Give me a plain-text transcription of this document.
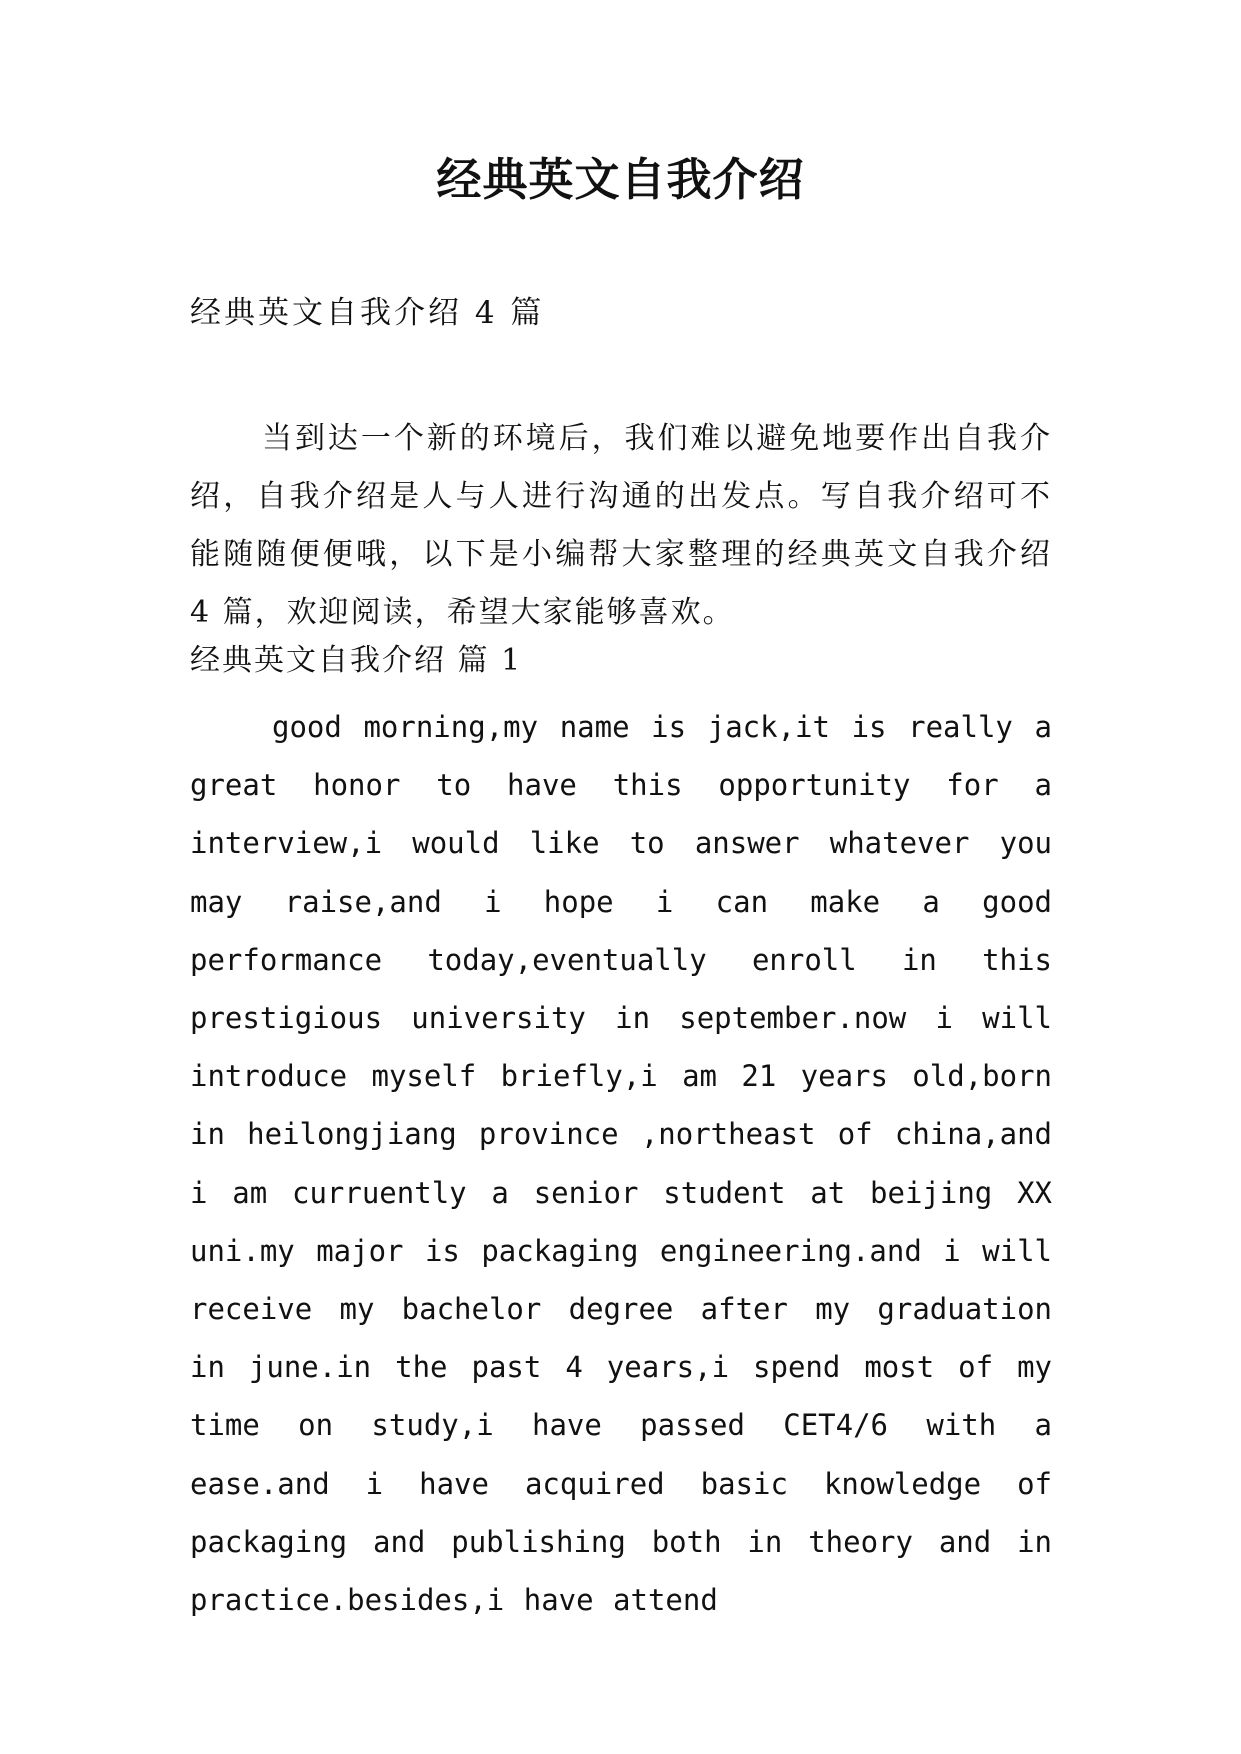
经典英文自我介绍
经典英文自我介绍 4 篇

当到达一个新的环境后，我们难以避免地要作出自我介绍，自我介绍是人与人进行沟通的出发点。写自我介绍可不能随随便便哦，以下是小编帮大家整理的经典英文自我介绍 4 篇，欢迎阅读，希望大家能够喜欢。

经典英文自我介绍 篇 1

good morning,my name is jack,it is really a great honor to have this opportunity for a interview,i would like to answer whatever you may raise,and i hope i can make a good performance today,eventually enroll in this prestigious university in september.now i will introduce myself briefly,i am 21 years old,born in heilongjiang province ,northeast of china,and i am curruently a senior student at beijing XX uni.my major is packaging engineering.and i will receive my bachelor degree after my graduation in june.in the past 4 years,i spend most of my time on study,i have passed CET4/6 with a ease.and i have acquired basic knowledge of packaging and publishing both in theory and in practice.besides,i have attend
